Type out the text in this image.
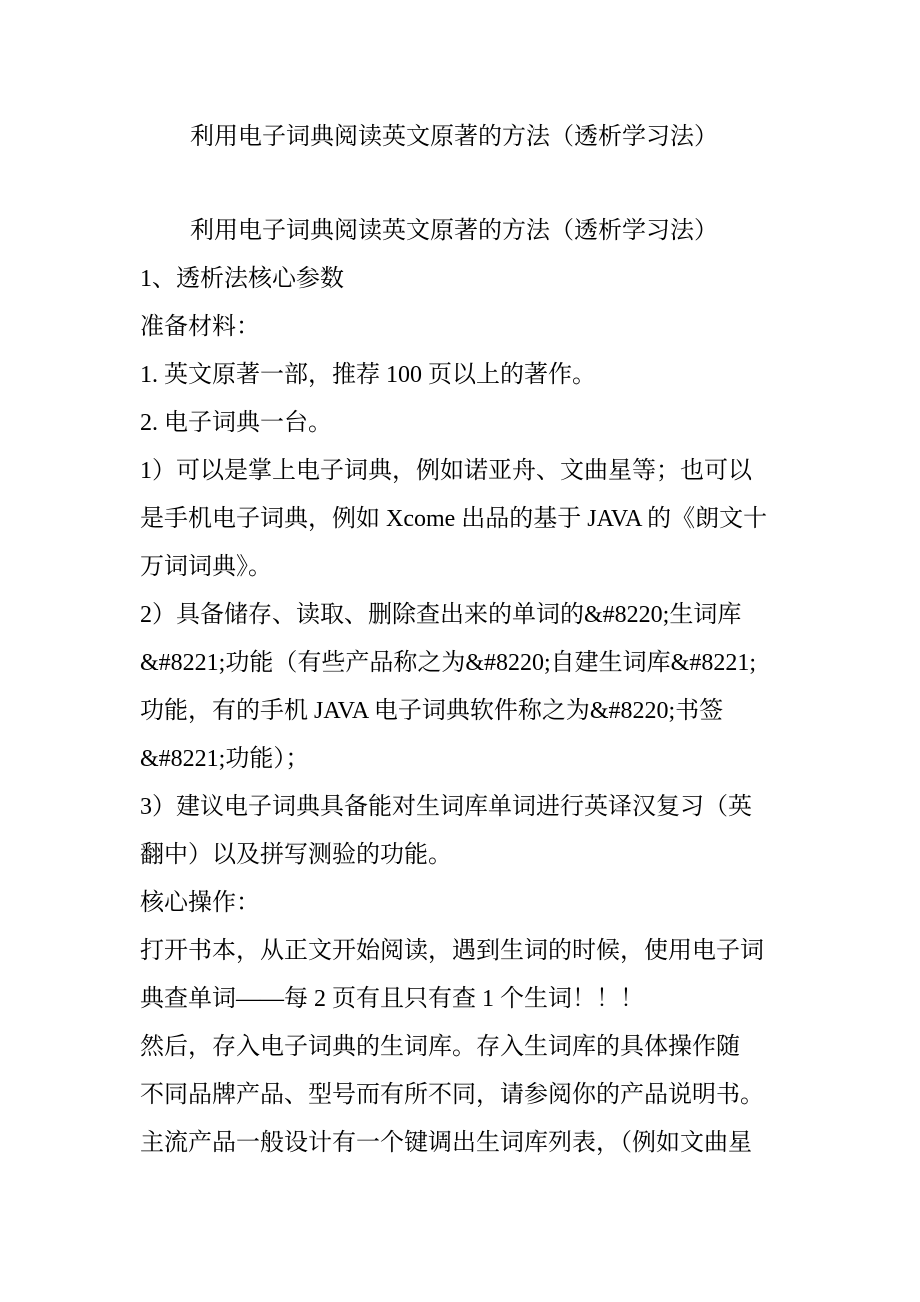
利用电子词典阅读英文原著的方法（透析学习法）
利用电子词典阅读英文原著的方法（透析学习法）
1、透析法核心参数
准备材料：
1. 英文原著一部，推荐 100 页以上的著作。
2. 电子词典一台。
1）可以是掌上电子词典，例如诺亚舟、文曲星等；也可以
是手机电子词典，例如 Xcome 出品的基于 JAVA 的《朗文十
万词词典》。
2）具备储存、读取、删除查出来的单词的&#8220;生词库
&#8221;功能（有些产品称之为&#8220;自建生词库&#8221;
功能，有的手机 JAVA 电子词典软件称之为&#8220;书签
&#8221;功能）；
3）建议电子词典具备能对生词库单词进行英译汉复习（英
翻中）以及拼写测验的功能。
核心操作：
打开书本，从正文开始阅读，遇到生词的时候，使用电子词
典查单词——每 2 页有且只有查 1 个生词！！！
然后，存入电子词典的生词库。存入生词库的具体操作随
不同品牌产品、型号而有所不同，请参阅你的产品说明书。
主流产品一般设计有一个键调出生词库列表，（例如文曲星
